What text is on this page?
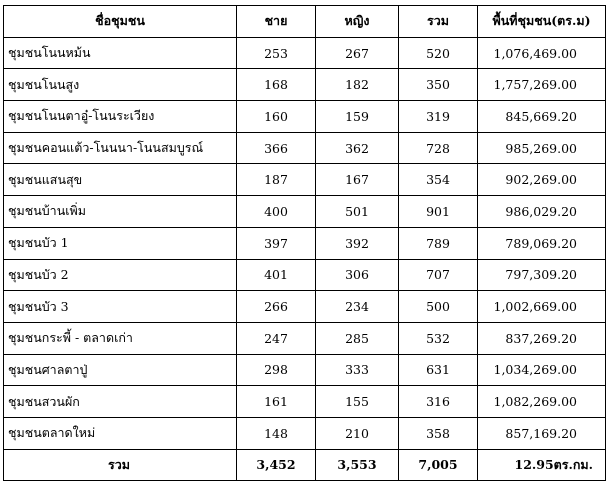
ชื่อชุมชน	ชาย	หญิง	รวม	พื้นที่ชุมชน(ตร.ม)
ชุมชนโนนหม้น	253	267	520	1,076,469.00
ชุมชนโนนสูง	168	182	350	1,757,269.00
ชุมชนโนนตาอู๋-โนนระเวียง	160	159	319	845,669.20
ชุมชนคอนแต้ว-โนนนา-โนนสมบูรณ์	366	362	728	985,269.00
ชุมชนแสนสุข	187	167	354	902,269.00
ชุมชนบ้านเพิ่ม	400	501	901	986,029.20
ชุมชนบัว 1	397	392	789	789,069.20
ชุมชนบัว 2	401	306	707	797,309.20
ชุมชนบัว 3	266	234	500	1,002,669.00
ชุมชนกระพี้ - ตลาดเก่า	247	285	532	837,269.20
ชุมชนศาลตาปู่	298	333	631	1,034,269.00
ชุมชนสวนผัก	161	155	316	1,082,269.00
ชุมชนตลาดใหม่	148	210	358	857,169.20
รวม	3,452	3,553	7,005	12.95ตร.กม.
